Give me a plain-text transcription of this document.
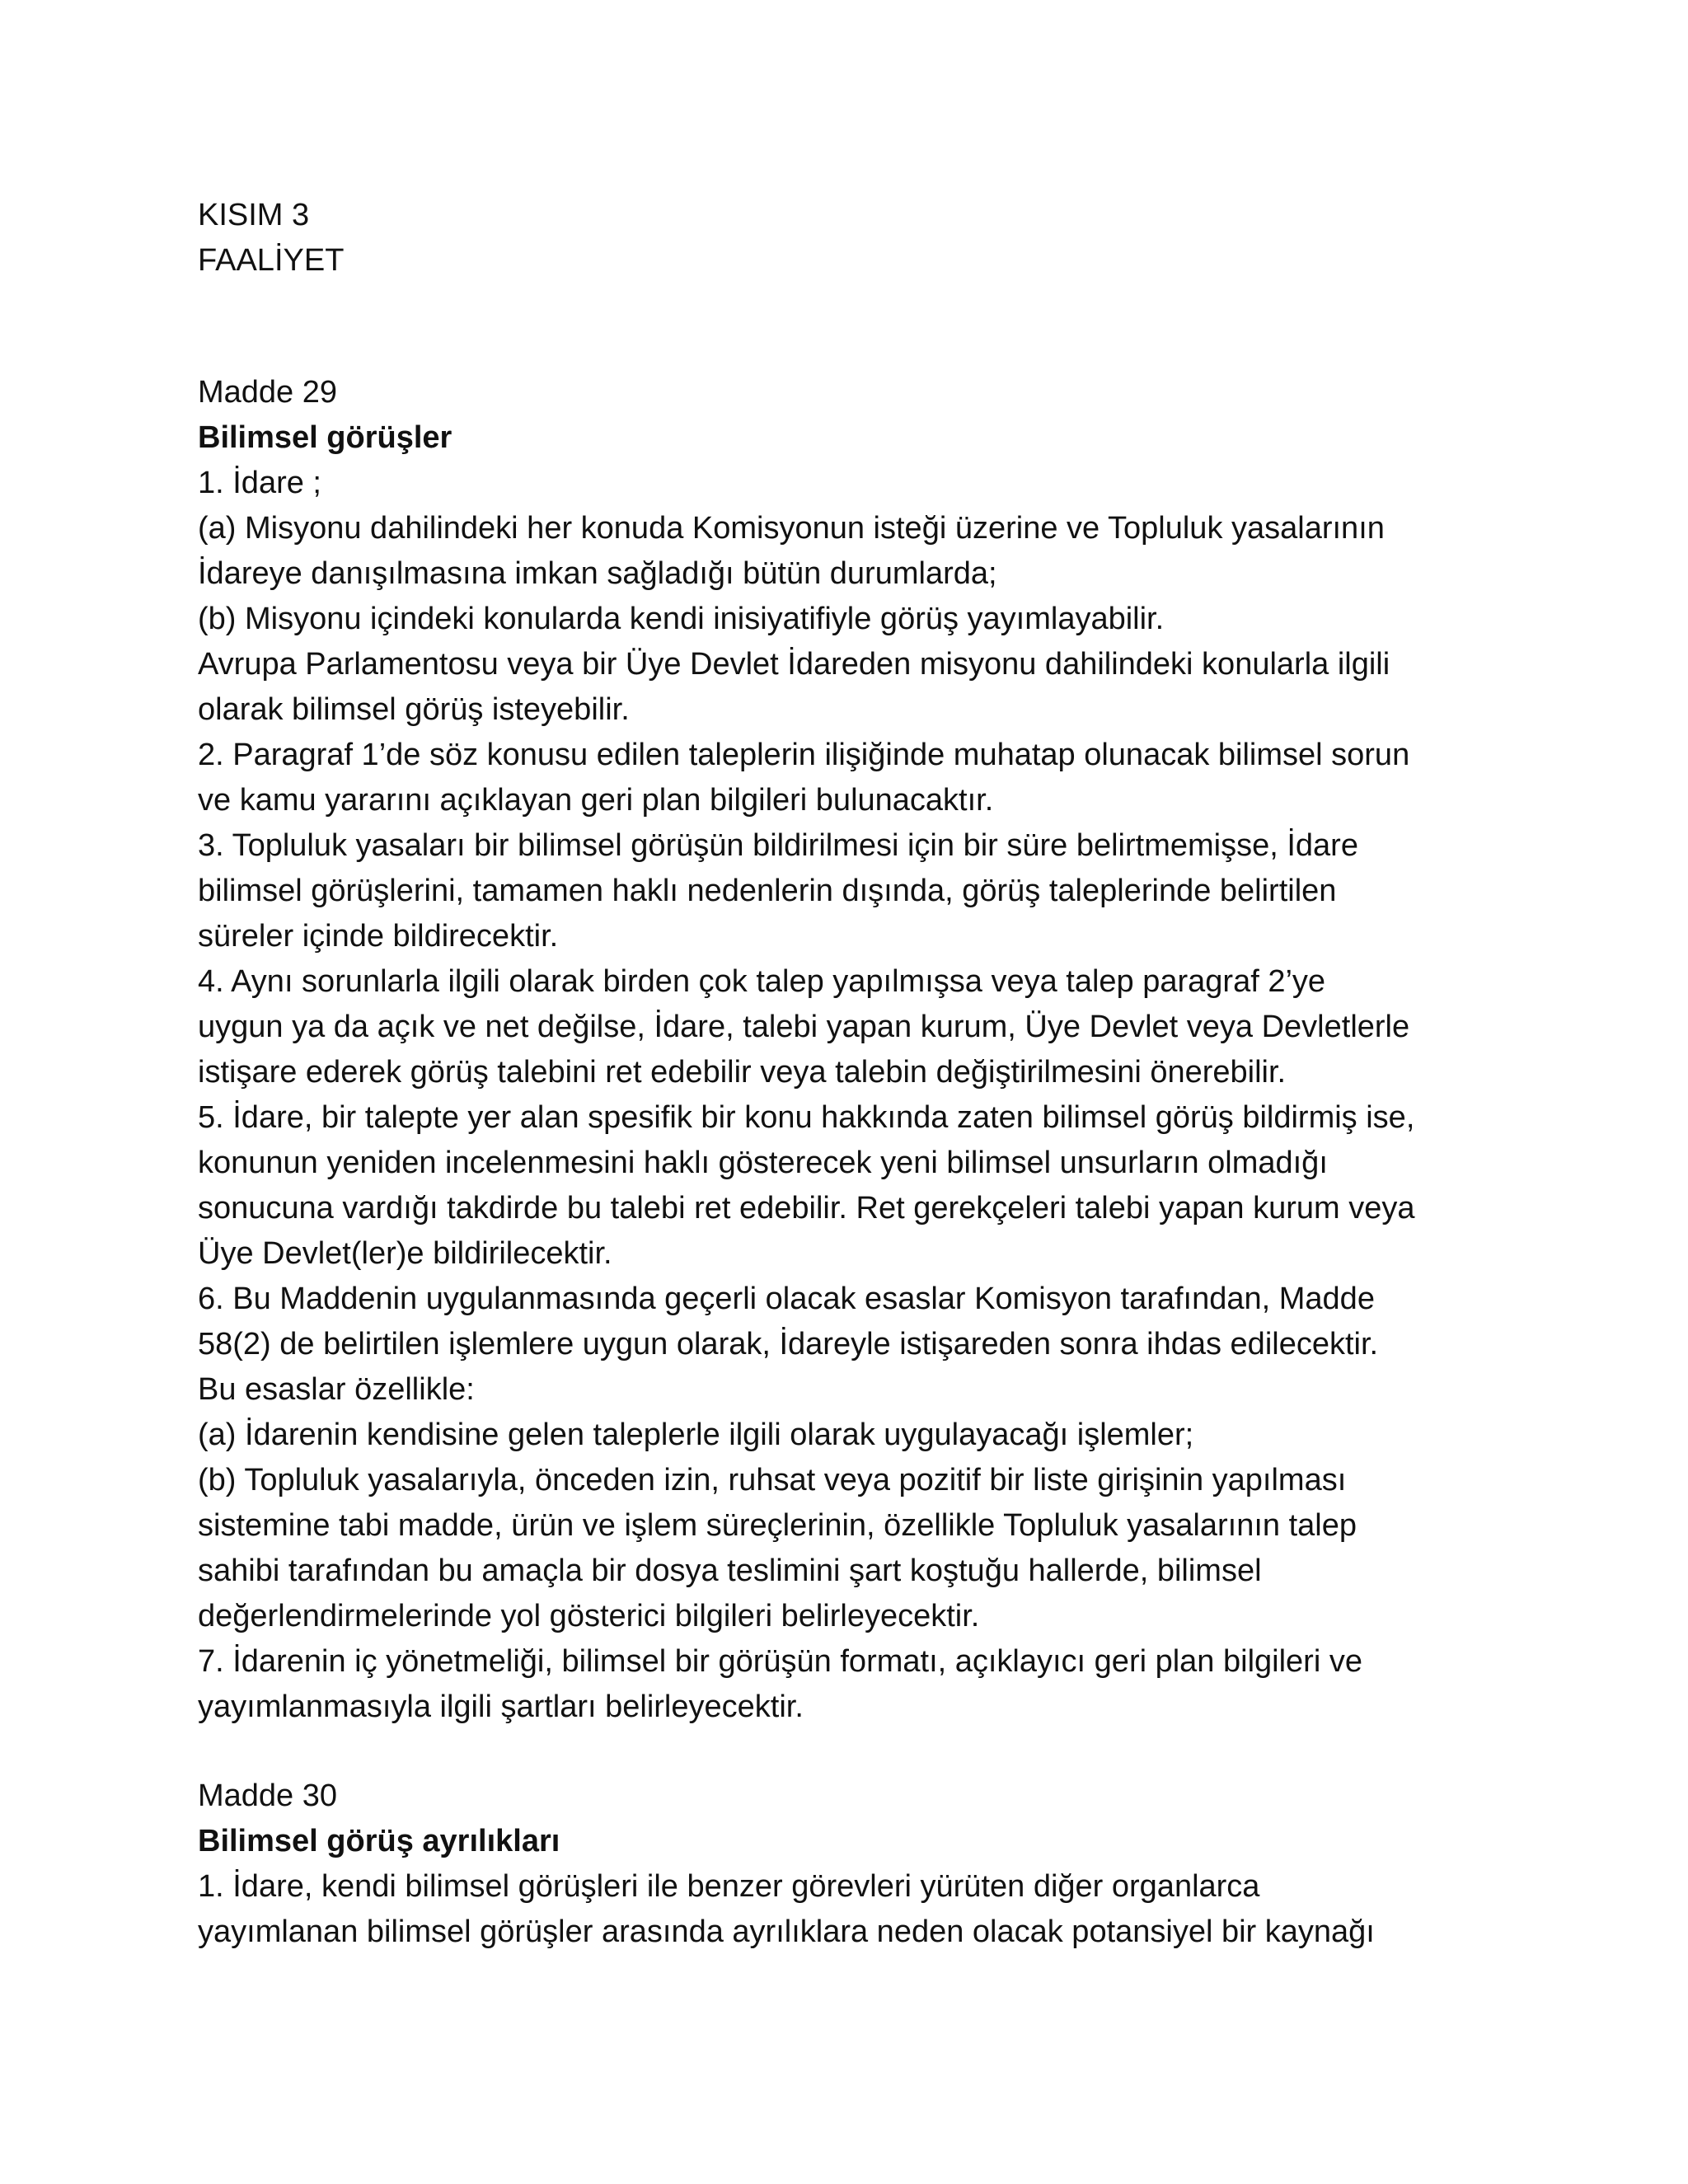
KISIM 3
FAALİYET
Madde 29
Bilimsel görüşler
1. İdare ;
(a) Misyonu dahilindeki her konuda Komisyonun isteği üzerine ve Topluluk yasalarının
İdareye danışılmasına imkan sağladığı bütün durumlarda;
(b) Misyonu içindeki konularda kendi inisiyatifiyle görüş yayımlayabilir.
Avrupa Parlamentosu veya bir Üye Devlet İdareden misyonu dahilindeki konularla ilgili
olarak bilimsel görüş isteyebilir.
2. Paragraf 1’de söz konusu edilen taleplerin ilişiğinde muhatap olunacak bilimsel sorun
ve kamu yararını açıklayan geri plan bilgileri bulunacaktır.
3. Topluluk yasaları bir bilimsel görüşün bildirilmesi için bir süre belirtmemişse, İdare
bilimsel görüşlerini, tamamen haklı nedenlerin dışında, görüş taleplerinde belirtilen
süreler içinde bildirecektir.
4. Aynı sorunlarla ilgili olarak birden çok talep yapılmışsa veya talep paragraf 2’ye
uygun ya da açık ve net değilse, İdare, talebi yapan kurum, Üye Devlet veya Devletlerle
istişare ederek görüş talebini ret edebilir veya talebin değiştirilmesini önerebilir.
5. İdare, bir talepte yer alan spesifik bir konu hakkında zaten bilimsel görüş bildirmiş ise,
konunun yeniden incelenmesini haklı gösterecek yeni bilimsel unsurların olmadığı
sonucuna vardığı takdirde bu talebi ret edebilir. Ret gerekçeleri talebi yapan kurum veya
Üye Devlet(ler)e bildirilecektir.
6. Bu Maddenin uygulanmasında geçerli olacak esaslar Komisyon tarafından, Madde
58(2) de belirtilen işlemlere uygun olarak, İdareyle istişareden sonra ihdas edilecektir.
Bu esaslar özellikle:
(a) İdarenin kendisine gelen taleplerle ilgili olarak uygulayacağı işlemler;
(b) Topluluk yasalarıyla, önceden izin, ruhsat veya pozitif bir liste girişinin yapılması
sistemine tabi madde, ürün ve işlem süreçlerinin, özellikle Topluluk yasalarının talep
sahibi tarafından bu amaçla bir dosya teslimini şart koştuğu hallerde, bilimsel
değerlendirmelerinde yol gösterici bilgileri belirleyecektir.
7. İdarenin iç yönetmeliği, bilimsel bir görüşün formatı, açıklayıcı geri plan bilgileri ve
yayımlanmasıyla ilgili şartları belirleyecektir.
Madde 30
Bilimsel görüş ayrılıkları
1. İdare, kendi bilimsel görüşleri ile benzer görevleri yürüten diğer organlarca
yayımlanan bilimsel görüşler arasında ayrılıklara neden olacak potansiyel bir kaynağı
